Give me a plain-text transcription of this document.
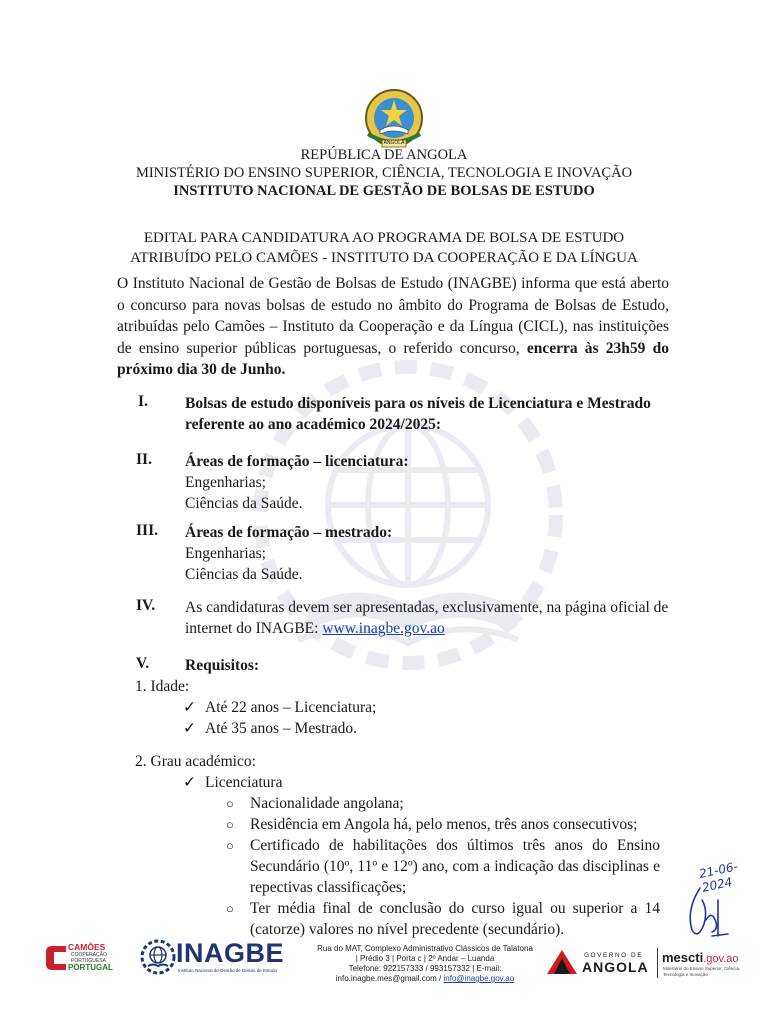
ANGOLA
REPÚBLICA DE ANGOLA
MINISTÉRIO DO ENSINO SUPERIOR, CIÊNCIA, TECNOLOGIA E INOVAÇÃO
INSTITUTO NACIONAL DE GESTÃO DE BOLSAS DE ESTUDO
EDITAL PARA CANDIDATURA AO PROGRAMA DE BOLSA DE ESTUDO
ATRIBUÍDO PELO CAMÕES - INSTITUTO DA COOPERAÇÃO E DA LÍNGUA
O Instituto Nacional de Gestão de Bolsas de Estudo (INAGBE) informa que está aberto o concurso para novas bolsas de estudo no âmbito do Programa de Bolsas de Estudo, atribuídas pelo Camões – Instituto da Cooperação e da Língua (CICL), nas instituições de ensino superior públicas portuguesas, o referido concurso, encerra às 23h59 do próximo dia 30 de Junho.
I. Bolsas de estudo disponíveis para os níveis de Licenciatura e Mestrado
referente ao ano académico 2024/2025:
II. Áreas de formação – licenciatura:
Engenharias;
Ciências da Saúde.
III. Áreas de formação – mestrado:
Engenharias;
Ciências da Saúde.
IV. As candidaturas devem ser apresentadas, exclusivamente, na página oficial de
internet do INAGBE: www.inagbe.gov.ao
V. Requisitos:
1. Idade:
✓ Até 22 anos – Licenciatura;
✓ Até 35 anos – Mestrado.
2. Grau académico:
✓ Licenciatura
○ Nacionalidade angolana;
○ Residência em Angola há, pelo menos, três anos consecutivos;
○	Certificado de habilitações dos últimos três anos do Ensino Secundário (10º, 11º e 12º) ano, com a indicação das disciplinas e repectivas classificações;
○	Ter média final de conclusão do curso igual ou superior a 14 (catorze) valores no nível precedente (secundário).
21-06-2024
CAMÕES
COOPERAÇÃO
PORTUGUESA
PORTUGAL INAGBE
Instituto Nacional de Gestão de Bolsas de Estudo
Rua do MAT, Complexo Administrativo Clássicos de Talatona
| Prédio 3 | Porta c | 2º Andar – Luanda
Telefone: 922157333 / 993157332 | E-mail:
info.inagbe.mes@gmail.com / info@inagbe.gov.ao
GOVERNO DE
ANGOLA
mescti.gov.ao
Ministério do Ensino Superior, Ciência, Tecnologia e Inovação
